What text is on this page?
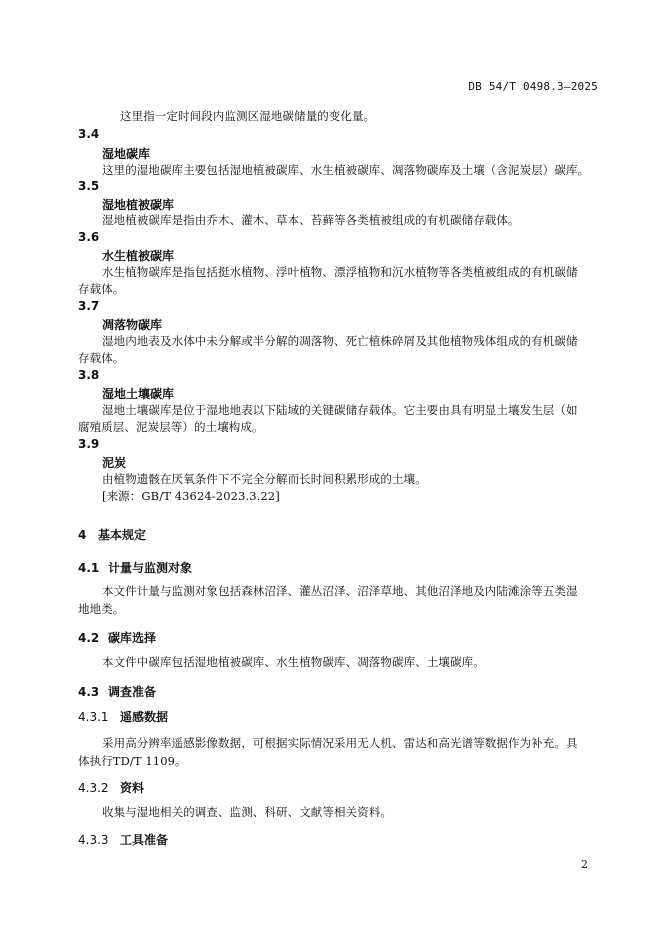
DB 54/T 0498.3—2025
这里指一定时间段内监测区湿地碳储量的变化量。
3.4
湿地碳库
这里的湿地碳库主要包括湿地植被碳库、水生植被碳库、凋落物碳库及土壤（含泥炭层）碳库。
3.5
湿地植被碳库
湿地植被碳库是指由乔木、灌木、草本、苔藓等各类植被组成的有机碳储存载体。
3.6
水生植被碳库
水生植物碳库是指包括挺水植物、浮叶植物、漂浮植物和沉水植物等各类植被组成的有机碳储存载体。
3.7
凋落物碳库
湿地内地表及水体中未分解或半分解的凋落物、死亡植株碎屑及其他植物残体组成的有机碳储存载体。
3.8
湿地土壤碳库
湿地土壤碳库是位于湿地地表以下陆域的关键碳储存载体。它主要由具有明显土壤发生层（如腐殖质层、泥炭层等）的土壤构成。
3.9
泥炭
由植物遗骸在厌氧条件下不完全分解而长时间积累形成的土壤。
[来源：GB/T 43624-2023.3.22]
4 基本规定
4.1 计量与监测对象
本文件计量与监测对象包括森林沼泽、灌丛沼泽、沼泽草地、其他沼泽地及内陆滩涂等五类湿地地类。
4.2 碳库选择
本文件中碳库包括湿地植被碳库、水生植物碳库、凋落物碳库、土壤碳库。
4.3 调查准备
4.3.1 遥感数据
采用高分辨率遥感影像数据，可根据实际情况采用无人机、雷达和高光谱等数据作为补充。具体执行TD/T 1109。
4.3.2 资料
收集与湿地相关的调查、监测、科研、文献等相关资料。
4.3.3 工具准备
2
